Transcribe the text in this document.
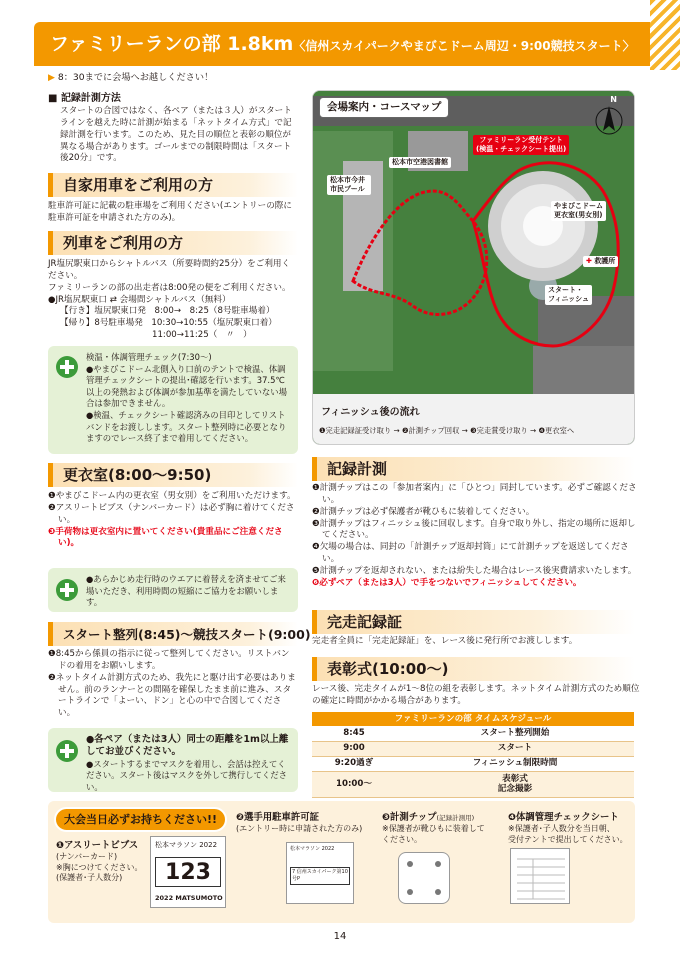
ファミリーランの部 1.8km〈信州スカイパークやまびこドーム周辺・9:00競技スタート〉
▶ 8：30までに会場へお越しください！
■ 記録計測方法
スタートの合図ではなく、各ペア（または３人）がスタートラインを越えた時に計測が始まる「ネットタイム方式」で記録計測を行います。このため、見た目の順位と表彰の順位が異なる場合があります。ゴールまでの制限時間は「スタート後20分」です。
自家用車をご利用の方
駐車許可証に記載の駐車場をご利用ください(エントリーの際に駐車許可証を申請された方のみ)。
列車をご利用の方
JR塩尻駅東口からシャトルバス（所要時間約25分）をご利用ください。
ファミリーランの部の出走者は8:00発の便をご利用ください。
●JR塩尻駅東口 ⇄ 会場間シャトルバス（無料）
【行き】塩尻駅東口発　8:00→　8:25（8号駐車場着）
【帰り】8号駐車場発　10:30→10:55（塩尻駅東口着）
11:00→11:25（　〃　）
検温・体調管理チェック(7:30～)
●やまびこドーム北側入り口前のテントで検温、体調管理チェックシートの提出･確認を行います。37.5℃以上の発熱および体調が参加基準を満たしていない場合は参加できません。
●検温、チェックシート確認済みの目印としてリストバンドをお渡しします。スタート整列時に必要となりますのでレース終了まで着用してください。
更衣室(8:00～9:50)
❶やまびこドーム内の更衣室（男女別）をご利用いただけます。
❷アスリートビブス（ナンバーカード）は必ず胸に着けてください。
❸手荷物は更衣室内に置いてください(貴重品にご注意ください)。
●あらかじめ走行時のウエアに着替えを済ませてご来場いただき、利用時間の短縮にご協力をお願いします。
スタート整列(8:45)～競技スタート(9:00)
❶8:45から係員の指示に従って整列してください。リストバンドの着用をお願いします。
❷ネットタイム計測方式のため、我先にと駆け出す必要はありません。前のランナーとの間隔を確保したまま前に進み、スタートラインで「よーい、ドン」と心の中で合図してください。
●各ペア（または3人）同士の距離を1m以上離してお並びください。
●スタートするまでマスクを着用し、会話は控えてください。スタート後はマスクを外して携行してください。
会場案内・コースマップ
N
松本市空港図書館
松本市今井市民プール
ファミリーラン受付テント
(検温・チェックシート提出)
やまびこドーム
更衣室(男女別)
✚ 救護所
スタート・
フィニッシュ
フィニッシュ後の流れ
❶完走記録証受け取り → ❷計測チップ回収 → ❸完走賞受け取り → ❹更衣室へ
記録計測
❶計測チップはこの「参加者案内」に「ひとつ」同封しています。必ずご確認ください。
❷計測チップは必ず保護者が靴ひもに装着してください。
❸計測チップはフィニッシュ後に回収します。自身で取り外し、指定の場所に返却してください。
❹欠場の場合は、同封の「計測チップ返却封筒」にて計測チップを返送してください。
❺計測チップを返却されない、または紛失した場合はレース後実費請求いたします。
❻必ずペア（または3人）で手をつないでフィニッシュしてください。
完走記録証
完走者全員に「完走記録証」を、レース後に発行所でお渡しします。
表彰式(10:00～)
レース後、完走タイムが1～8位の組を表彰します。ネットタイム計測方式のため順位の確定に時間がかかる場合があります。
ファミリーランの部 タイムスケジュール	
8:45	スタート整列開始
9:00	スタート
9:20過ぎ	フィニッシュ制限時間
10:00～	表彰式
記念撮影
大会当日必ずお持ちください!!
❶アスリートビブス
(ナンバーカード)
※胸につけてください。
(保護者･子人数分)
松本マラソン 2022
123
2022 MATSUMOTO
❷選手用駐車許可証
(エントリー時に申請された方のみ)
松本マラソン 2022
7 信州スカイパーク第10号P
❸計測チップ(記録計測用)
※保護者が靴ひもに装着して
ください。
❹体調管理チェックシート
※保護者･子人数分を当日朝、
受付テントで提出してください。
14
